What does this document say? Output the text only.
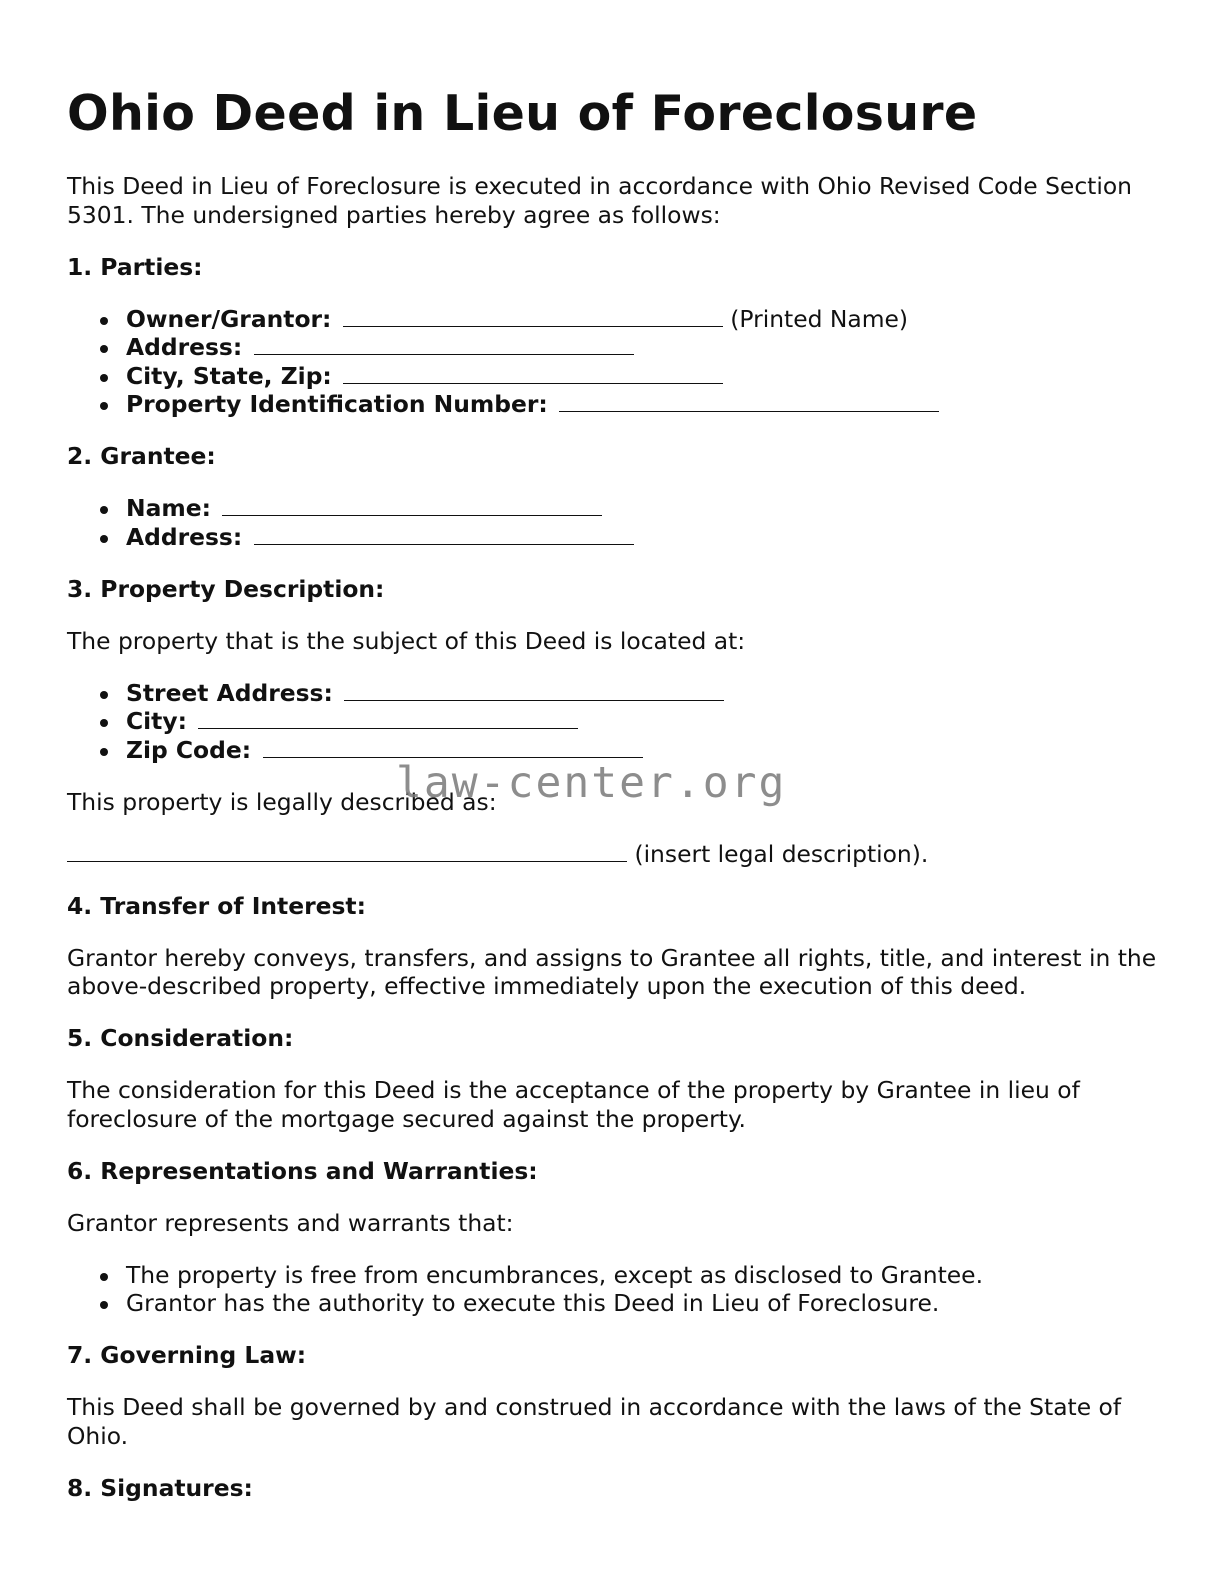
Ohio Deed in Lieu of Foreclosure

This Deed in Lieu of Foreclosure is executed in accordance with Ohio Revised Code Section 5301. The undersigned parties hereby agree as follows:

1. Parties:
Owner/Grantor:	(Printed Name)
Address:
City, State, Zip:
Property Identification Number:
2. Grantee:
Name:
Address:
3. Property Description:

The property that is the subject of this Deed is located at:

Street Address:
City:
Zip Code:

This property is legally described as:

(insert legal description).

4. Transfer of Interest:

Grantor hereby conveys, transfers, and assigns to Grantee all rights, title, and interest in the above-described property, effective immediately upon the execution of this deed.

5. Consideration:

The consideration for this Deed is the acceptance of the property by Grantee in lieu of foreclosure of the mortgage secured against the property.

6. Representations and Warranties:

Grantor represents and warrants that:

The property is free from encumbrances, except as disclosed to Grantee.
Grantor has the authority to execute this Deed in Lieu of Foreclosure.
7. Governing Law:

This Deed shall be governed by and construed in accordance with the laws of the State of Ohio.

8. Signatures:
law-center.org
